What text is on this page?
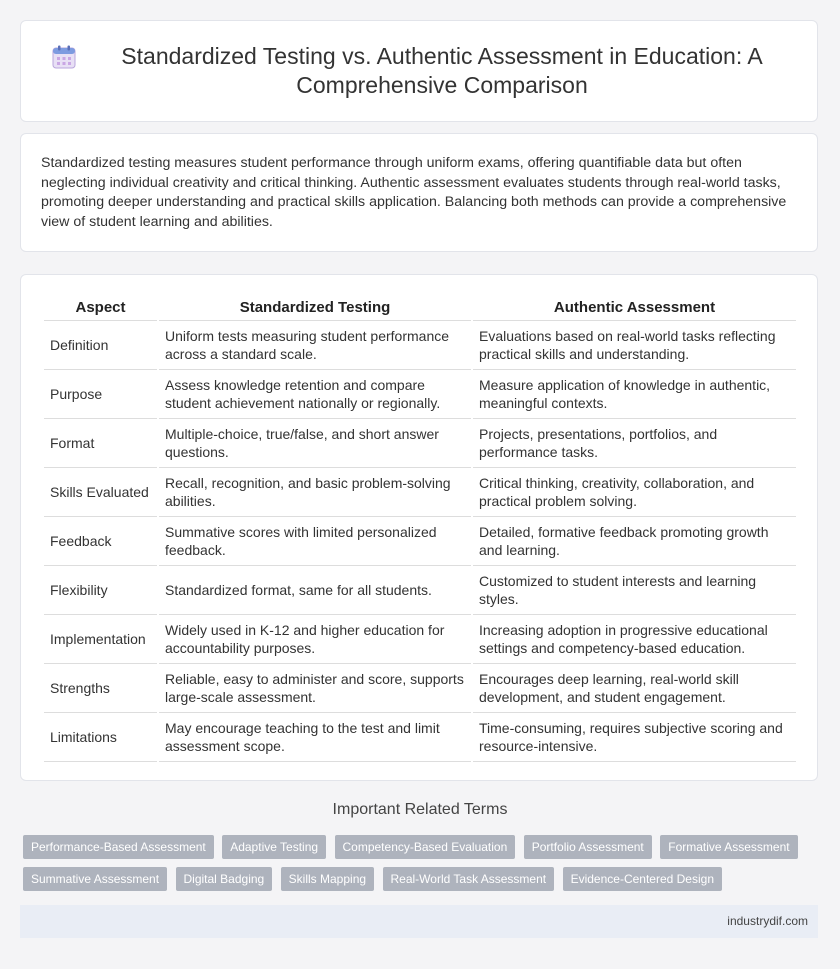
Standardized Testing vs. Authentic Assessment in Education: A Comprehensive Comparison

Standardized testing measures student performance through uniform exams, offering quantifiable data but often neglecting individual creativity and critical thinking. Authentic assessment evaluates students through real-world tasks, promoting deeper understanding and practical skills application. Balancing both methods can provide a comprehensive view of student learning and abilities.

Aspect	Standardized Testing	Authentic Assessment
Definition	Uniform tests measuring student performance across a standard scale.	Evaluations based on real-world tasks reflecting practical skills and understanding.
Purpose	Assess knowledge retention and compare student achievement nationally or regionally.	Measure application of knowledge in authentic, meaningful contexts.
Format	Multiple-choice, true/false, and short answer questions.	Projects, presentations, portfolios, and performance tasks.
Skills Evaluated	Recall, recognition, and basic problem-solving abilities.	Critical thinking, creativity, collaboration, and practical problem solving.
Feedback	Summative scores with limited personalized feedback.	Detailed, formative feedback promoting growth and learning.
Flexibility	Standardized format, same for all students.	Customized to student interests and learning styles.
Implementation	Widely used in K-12 and higher education for accountability purposes.	Increasing adoption in progressive educational settings and competency-based education.
Strengths	Reliable, easy to administer and score, supports large-scale assessment.	Encourages deep learning, real-world skill development, and student engagement.
Limitations	May encourage teaching to the test and limit assessment scope.	Time-consuming, requires subjective scoring and resource-intensive.
Important Related Terms
Performance-Based Assessment Adaptive Testing Competency-Based Evaluation Portfolio Assessment Formative Assessment
Summative Assessment Digital Badging Skills Mapping Real-World Task Assessment Evidence-Centered Design
industrydif.com
